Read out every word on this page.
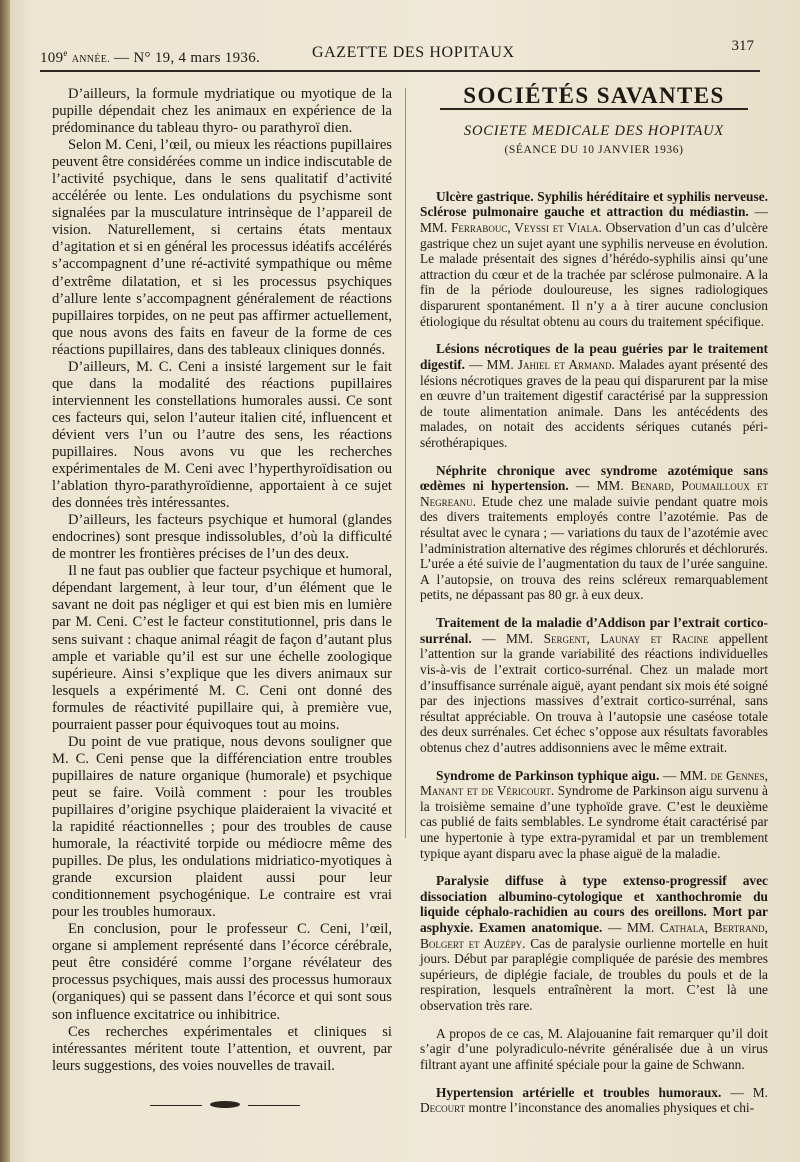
109e ANNÉE. — N° 19, 4 mars 1936.	GAZETTE DES HOPITAUX	317

D’ailleurs, la formule mydriatique ou myotique de la pupille dépendait chez les animaux en expérience de la prédominance du tableau thyro- ou parathyroï dien.

Selon M. Ceni, l’œil, ou mieux les réactions pupillaires peuvent être considérées comme un indice indiscutable de l’activité psychique, dans le sens qualitatif d’activité accélérée ou lente. Les ondulations du psychisme sont signalées par la musculature intrinsèque de l’appareil de vision. Naturellement, si certains états mentaux d’agitation et si en général les processus idéatifs accélérés s’accompagnent d’une ré-activité sympathique ou même d’extrême dilatation, et si les processus psychiques d’allure lente s’accompagnent généralement de réactions pupillaires torpides, on ne peut pas affirmer actuellement, que nous avons des faits en faveur de la forme de ces réactions pupillaires, dans des tableaux cliniques donnés.

D’ailleurs, M. C. Ceni a insisté largement sur le fait que dans la modalité des réactions pupillaires interviennent les constellations humorales aussi. Ce sont ces facteurs qui, selon l’auteur italien cité, influencent et dévient vers l’un ou l’autre des sens, les réactions pupillaires. Nous avons vu que les recherches expérimentales de M. Ceni avec l’hyperthyroïdisation ou l’ablation thyro-parathyroïdienne, apportaient à ce sujet des données très intéressantes.

D’ailleurs, les facteurs psychique et humoral (glandes endocrines) sont presque indissolubles, d’où la difficulté de montrer les frontières précises de l’un des deux.

Il ne faut pas oublier que facteur psychique et humoral, dépendant largement, à leur tour, d’un élément que le savant ne doit pas négliger et qui est bien mis en lumière par M. Ceni. C’est le facteur constitutionnel, pris dans le sens suivant : chaque animal réagit de façon d’autant plus ample et variable qu’il est sur une échelle zoologique supérieure. Ainsi s’explique que les divers animaux sur lesquels a expérimenté M. C. Ceni ont donné des formules de réactivité pupillaire qui, à première vue, pourraient passer pour équivoques tout au moins.

Du point de vue pratique, nous devons souligner que M. C. Ceni pense que la différenciation entre troubles pupillaires de nature organique (humorale) et psychique peut se faire. Voilà comment : pour les troubles pupillaires d’origine psychique plaideraient la vivacité et la rapidité réactionnelles ; pour des troubles de cause humorale, la réactivité torpide ou médiocre même des pupilles. De plus, les ondulations midriatico-myotiques à grande excursion plaident aussi pour leur conditionnement psychogénique. Le contraire est vrai pour les troubles humoraux.

En conclusion, pour le professeur C. Ceni, l’œil, organe si amplement représenté dans l’écorce cérébrale, peut être considéré comme l’organe révélateur des processus psychiques, mais aussi des processus humoraux (organiques) qui se passent dans l’écorce et qui sont sous son influence excitatrice ou inhibitrice.

Ces recherches expérimentales et cliniques si intéressantes méritent toute l’attention, et ouvrent, par leurs suggestions, des voies nouvelles de travail.

SOCIÉTÉS SAVANTES
SOCIETE MEDICALE DES HOPITAUX
(SÉANCE DU 10 JANVIER 1936)

Ulcère gastrique. Syphilis héréditaire et syphilis nerveuse. Sclérose pulmonaire gauche et attraction du médiastin. — MM. Ferrabouc, Veyssi et Viala. Observation d’un cas d’ulcère gastrique chez un sujet ayant une syphilis nerveuse en évolution. Le malade présentait des signes d’hérédo-syphilis ainsi qu’une attraction du cœur et de la trachée par sclérose pulmonaire. A la fin de la période douloureuse, les signes radiologiques disparurent spontanément. Il n’y a à tirer aucune conclusion étiologique du résultat obtenu au cours du traitement spécifique.

Lésions nécrotiques de la peau guéries par le traitement digestif. — MM. Jahiel et Armand. Malades ayant présenté des lésions nécrotiques graves de la peau qui disparurent par la mise en œuvre d’un traitement digestif caractérisé par la suppression de toute alimentation animale. Dans les antécédents des malades, on notait des accidents sériques cutanés péri-sérothérapiques.

Néphrite chronique avec syndrome azotémique sans œdèmes ni hypertension. — MM. Benard, Poumailloux et Negreanu. Etude chez une malade suivie pendant quatre mois des divers traitements employés contre l’azotémie. Pas de résultat avec le cynara ; — variations du taux de l’azotémie avec l’administration alternative des régimes chlorurés et déchlorurés. L’urée a été suivie de l’augmentation du taux de l’urée sanguine. A l’autopsie, on trouva des reins scléreux remarquablement petits, ne dépassant pas 80 gr. à eux deux.

Traitement de la maladie d’Addison par l’extrait cortico-surrénal. — MM. Sergent, Launay et Racine appellent l’attention sur la grande variabilité des réactions individuelles vis-à-vis de l’extrait cortico-surrénal. Chez un malade mort d’insuffisance surrénale aiguë, ayant pendant six mois été soigné par des injections massives d’extrait cortico-surrénal, sans résultat appréciable. On trouva à l’autopsie une caséose totale des deux surrénales. Cet échec s’oppose aux résultats favorables obtenus chez d’autres addisonniens avec le même extrait.

Syndrome de Parkinson typhique aigu. — MM. de Gennes, Manant et de Véricourt. Syndrome de Parkinson aigu survenu à la troisième semaine d’une typhoïde grave. C’est le deuxième cas publié de faits semblables. Le syndrome était caractérisé par une hypertonie à type extra-pyramidal et par un tremblement typique ayant disparu avec la phase aiguë de la maladie.

Paralysie diffuse à type extenso-progressif avec dissociation albumino-cytologique et xanthochromie du liquide céphalo-rachidien au cours des oreillons. Mort par asphyxie. Examen anatomique. — MM. Cathala, Bertrand, Bolgert et Auzépy. Cas de paralysie ourlienne mortelle en huit jours. Début par paraplégie compliquée de parésie des membres supérieurs, de diplégie faciale, de troubles du pouls et de la respiration, lesquels entraînèrent la mort. C’est là une observation très rare.

A propos de ce cas, M. Alajouanine fait remarquer qu’il doit s’agir d’une polyradiculo-névrite généralisée due à un virus filtrant ayant une affinité spéciale pour la gaine de Schwann.

Hypertension artérielle et troubles humoraux. — M. Decourt montre l’inconstance des anomalies physiques et chi-
